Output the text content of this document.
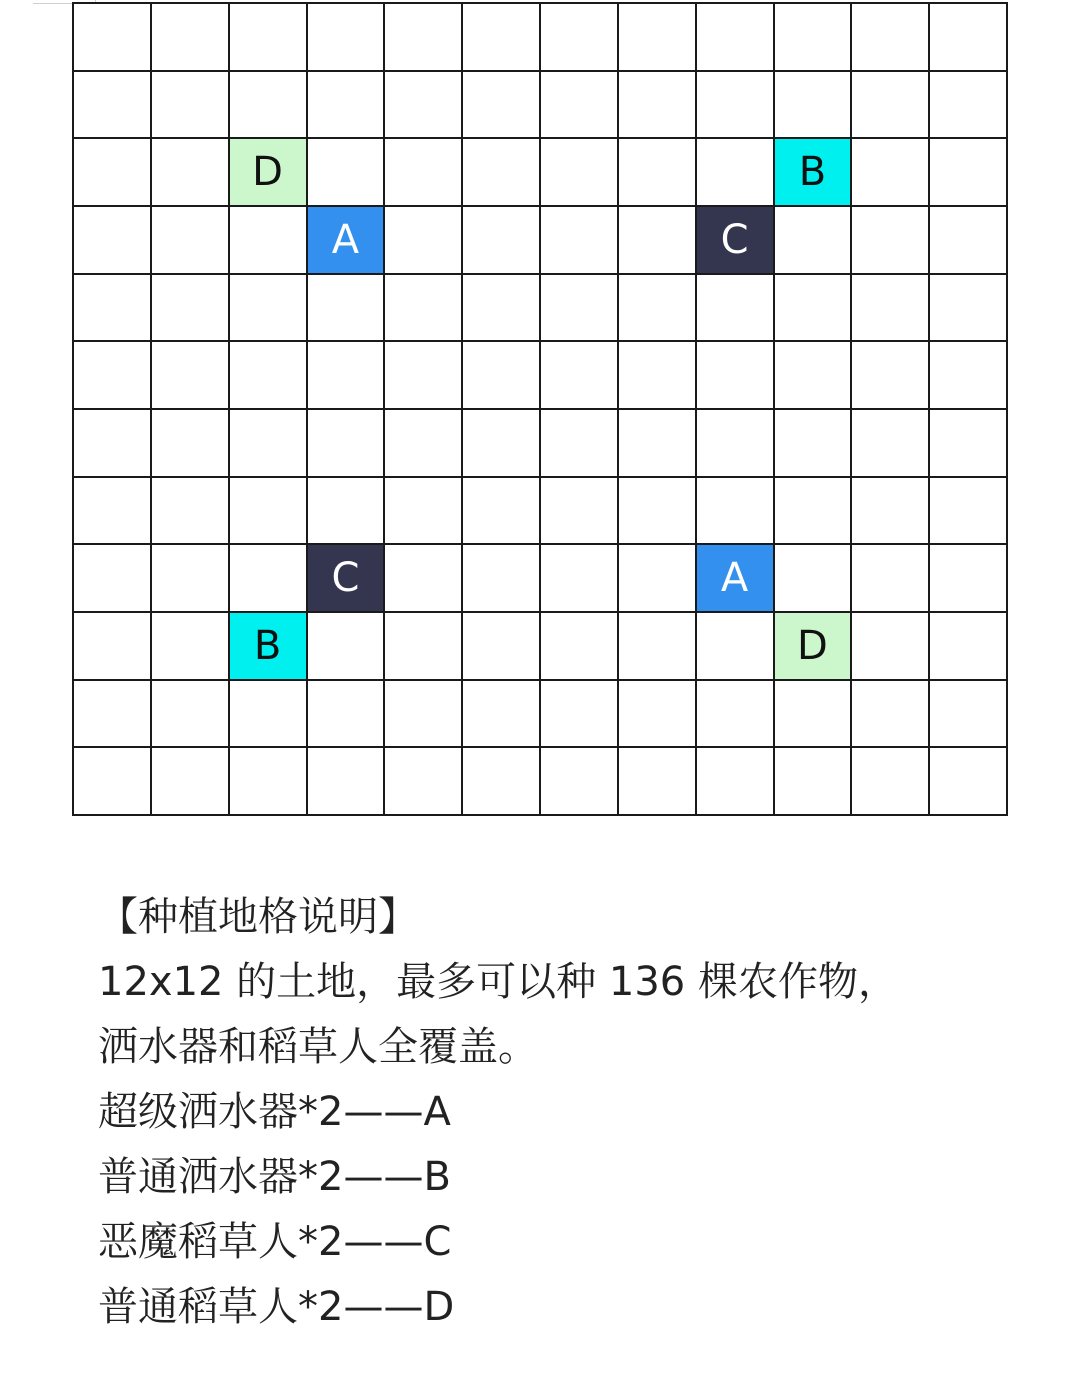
D	B
A	C
C	A
B	D
【种植地格说明】
12x12 的土地，最多可以种 136 棵农作物，
洒水器和稻草人全覆盖。
超级洒水器*2——A
普通洒水器*2——B
恶魔稻草人*2——C
普通稻草人*2——D
